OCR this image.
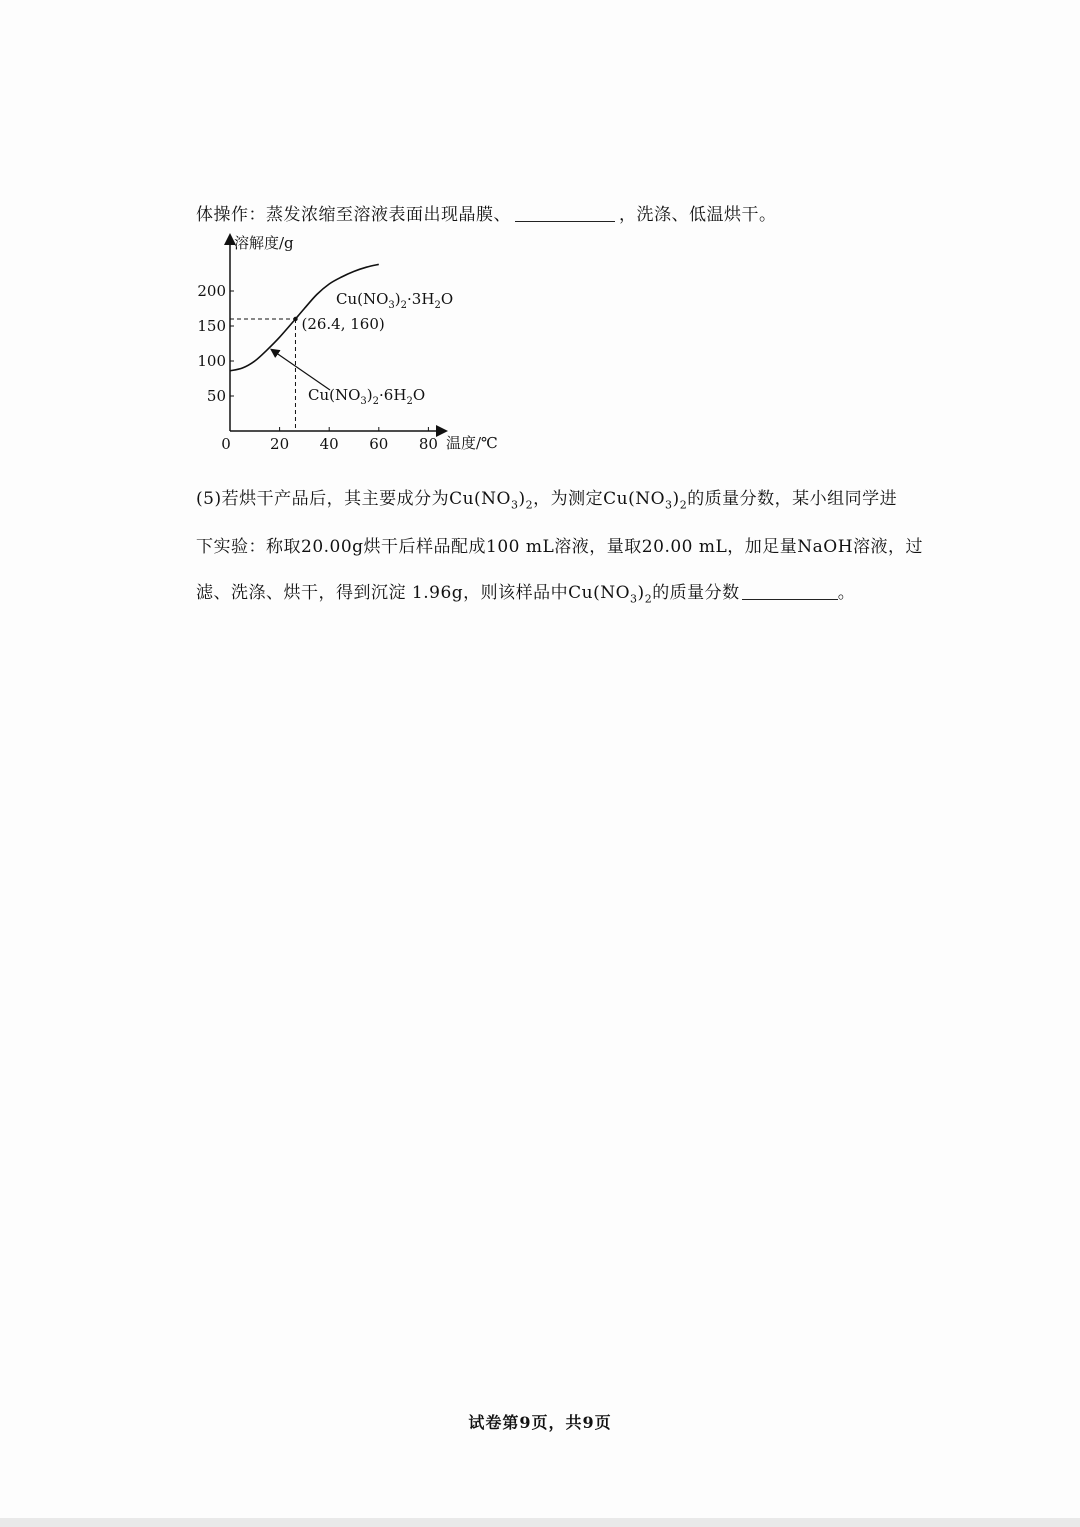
体操作：蒸发浓缩至溶液表面出现晶膜、	，洗涤、低温烘干。
溶解度/g
温度/℃
0	20 40 60 80
50
100
150
200
(26.4, 160)
$Cu(NO_3)_2\cdot 3H_2O$
$Cu(NO_3)_2\cdot 6H_2O$
(5)若烘干产品后，其主要成分为$Cu(NO_3)_2$，为测定$Cu(NO_3)_2$的质量分数，某小组同学进
下实验：称取20.00g烘干后样品配成100 mL溶液，量取20.00 mL，加足量NaOH溶液，过
滤、洗涤、烘干，得到沉淀 1.96g，则该样品中$Cu(NO_3)_2$的质量分数	。
试卷第9页，共9页
